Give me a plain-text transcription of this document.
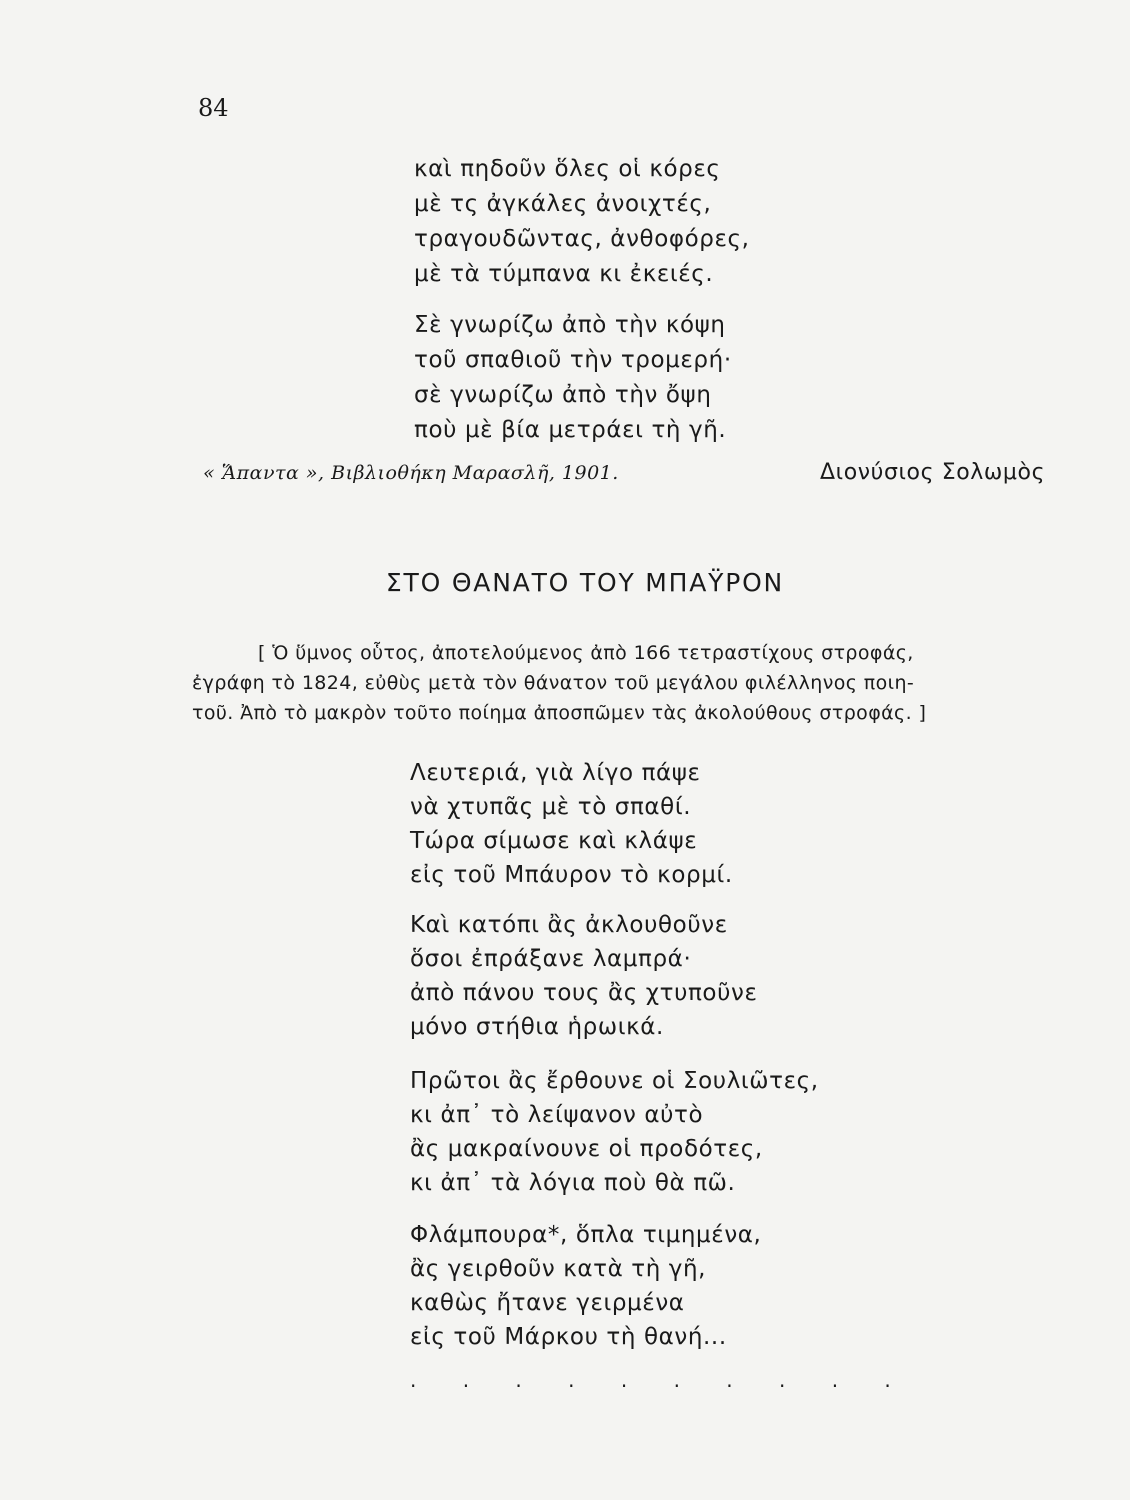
84
καὶ πηδοῦν ὅλες οἱ κόρες
μὲ τς ἀγκάλες ἀνοιχτές,
τραγουδῶντας, ἀνθοφόρες,
μὲ τὰ τύμπανα κι ἐκειές.
Σὲ γνωρίζω ἀπὸ τὴν κόψη
τοῦ σπαθιοῦ τὴν τρομερή·
σὲ γνωρίζω ἀπὸ τὴν ὄψη
ποὺ μὲ βία μετράει τὴ γῆ.
« Ἅπαντα », Βιβλιοθήκη Μαρασλῆ, 1901.	Διονύσιος Σολωμὸς
ΣΤΟ ΘΑΝΑΤΟ ΤΟΥ ΜΠΑΫΡΟΝ
[ Ὁ ὕμνος οὗτος, ἀποτελούμενος ἀπὸ 166 τετραστίχους στροφάς,
ἐγράφη τὸ 1824, εὐθὺς μετὰ τὸν θάνατον τοῦ μεγάλου φιλέλληνος ποιη-
τοῦ. Ἀπὸ τὸ μακρὸν τοῦτο ποίημα ἀποσπῶμεν τὰς ἀκολούθους στροφάς. ]
Λευτεριά, γιὰ λίγο πάψε
νὰ χτυπᾶς μὲ τὸ σπαθί.
Τώρα σίμωσε καὶ κλάψε
εἰς τοῦ Μπάυρον τὸ κορμί.
Καὶ κατόπι ἂς ἀκλουθοῦνε
ὅσοι ἐπράξανε λαμπρά·
ἀπὸ πάνου τους ἂς χτυποῦνε
μόνο στήθια ἡρωικά.
Πρῶτοι ἂς ἔρθουνε οἱ Σουλιῶτες,
κι ἀπ᾽ τὸ λείψανον αὐτὸ
ἂς μακραίνουνε οἱ προδότες,
κι ἀπ᾽ τὰ λόγια ποὺ θὰ πῶ.
Φλάμπουρα*, ὅπλα τιμημένα,
ἂς γειρθοῦν κατὰ τὴ γῆ,
καθὼς ἤτανε γειρμένα
εἰς τοῦ Μάρκου τὴ θανή...
. . . . . . . . . .
